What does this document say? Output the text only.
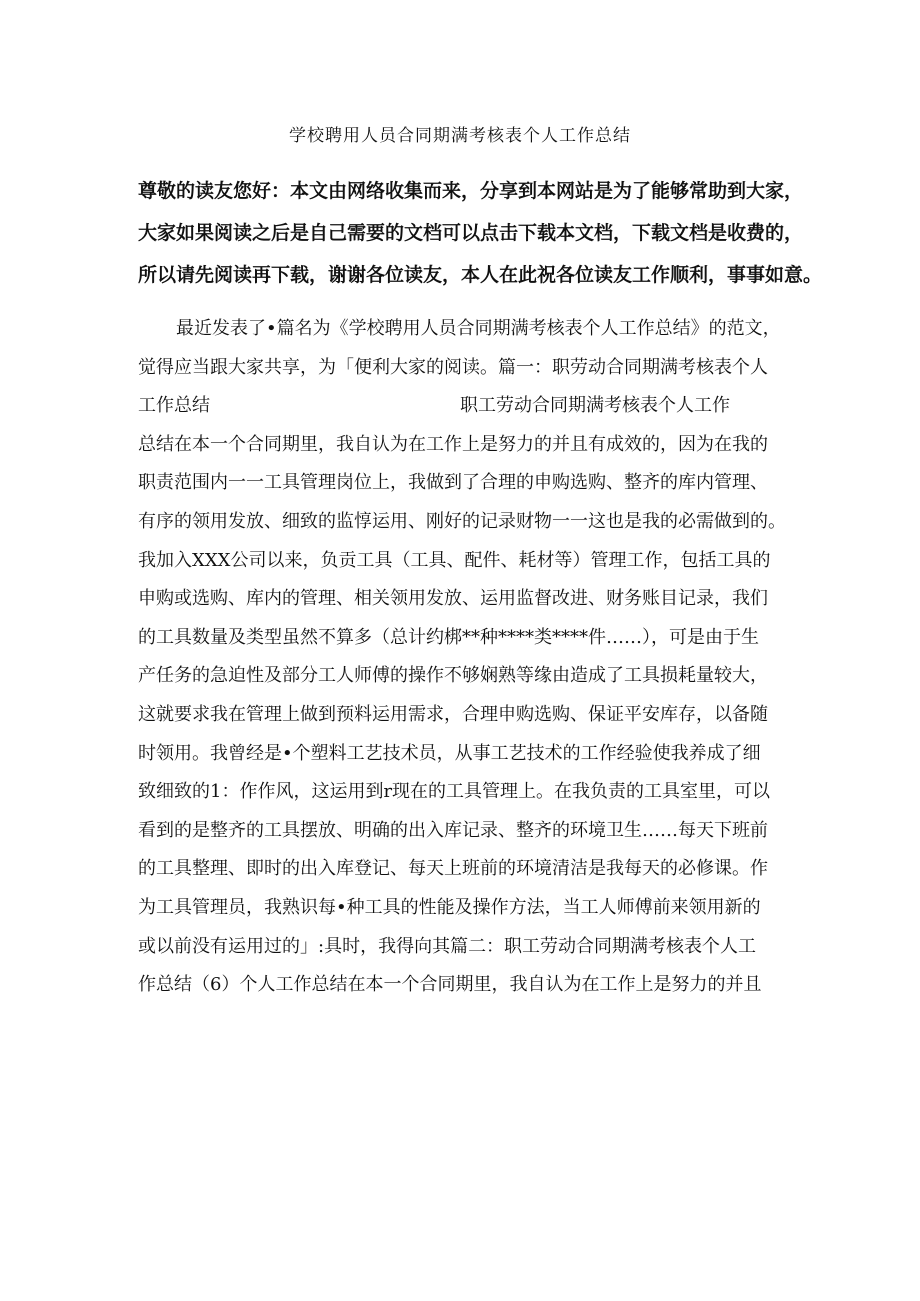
学校聘用人员合同期满考核表个人工作总结
尊敬的读友您好：本文由网络收集而来，分享到本网站是为了能够常助到大家，
大家如果阅读之后是自己需要的文档可以点击下载本文档，下载文档是收费的，
所以请先阅读再下载，谢谢各位读友，本人在此祝各位读友工作顺利，事事如意。
最近发表了•篇名为《学校聘用人员合同期满考核表个人工作总结》的范文，
觉得应当跟大家共享，为「便利大家的阅读。篇一：职劳动合同期满考核表个人
工作总结	职工劳动合同期满考核表个人工作
总结在本一个合同期里，我自认为在工作上是努力的并且有成效的，因为在我的
职责范围内一一工具管理岗位上，我做到了合理的申购选购、整齐的库内管理、
有序的领用发放、细致的监惇运用、刚好的记录财物一一这也是我的必需做到的。
我加入XXX公司以来，负贡工具（工具、配件、耗材等）管理工作，包括工具的
申购或选购、库内的管理、相关领用发放、运用监督改进、财务账目记录，我们
的工具数量及类型虽然不算多（总计约梆**种****类****件……），可是由于生
产任务的急迫性及部分工人师傅的操作不够娴熟等缘由造成了工具损耗量较大，
这就要求我在管理上做到预料运用需求，合理申购选购、保证平安库存，以备随
时领用。我曾经是•个塑料工艺技术员，从事工艺技术的工作经验使我养成了细
致细致的1：作作风，这运用到r现在的工具管理上。在我负责的工具室里，可以
看到的是整齐的工具摆放、明确的出入库记录、整齐的环境卫生……每天下班前
的工具整理、即时的出入库登记、每天上班前的环境清洁是我每天的必修课。作
为工具管理员，我熟识每•种工具的性能及操作方法，当工人师傅前来领用新的
或以前没有运用过的」:具时，我得向其篇二：职工劳动合同期满考核表个人工
作总结（6）个人工作总结在本一个合同期里，我自认为在工作上是努力的并且
